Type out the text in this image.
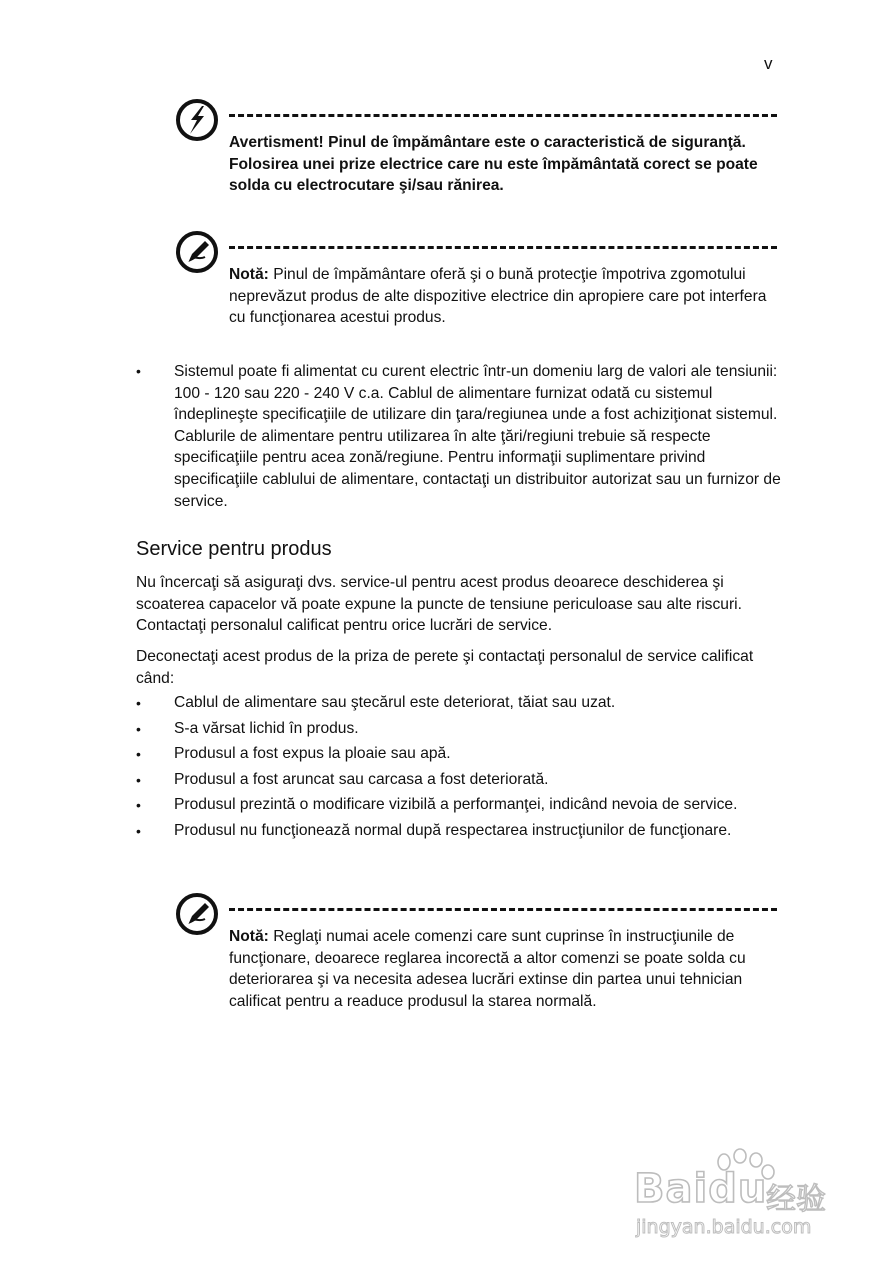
v
Avertisment! Pinul de împământare este o caracteristică de siguranţă. Folosirea unei prize electrice care nu este împământată corect se poate solda cu electrocutare şi/sau rănirea.
Notă: Pinul de împământare oferă şi o bună protecţie împotriva zgomotului neprevăzut produs de alte dispozitive electrice din apropiere care pot interfera cu funcţionarea acestui produs.
• Sistemul poate fi alimentat cu curent electric într-un domeniu larg de valori ale tensiunii: 100 - 120 sau 220 - 240 V c.a. Cablul de alimentare furnizat odată cu sistemul îndeplineşte specificaţiile de utilizare din ţara/regiunea unde a fost achiziţionat sistemul. Cablurile de alimentare pentru utilizarea în alte ţări/regiuni trebuie să respecte specificaţiile pentru acea zonă/regiune. Pentru informaţii suplimentare privind specificaţiile cablului de alimentare, contactaţi un distribuitor autorizat sau un furnizor de service.
Service pentru produs
Nu încercaţi să asiguraţi dvs. service-ul pentru acest produs deoarece deschiderea şi scoaterea capacelor vă poate expune la puncte de tensiune periculoase sau alte riscuri. Contactaţi personalul calificat pentru orice lucrări de service.
Deconectaţi acest produs de la priza de perete şi contactaţi personalul de service calificat când:
• Cablul de alimentare sau ştecărul este deteriorat, tăiat sau uzat.
• S-a vărsat lichid în produs.
• Produsul a fost expus la ploaie sau apă.
• Produsul a fost aruncat sau carcasa a fost deteriorată.
• Produsul prezintă o modificare vizibilă a performanţei, indicând nevoia de service.
• Produsul nu funcţionează normal după respectarea instrucţiunilor de funcţionare.
Notă: Reglaţi numai acele comenzi care sunt cuprinse în instrucţiunile de funcţionare, deoarece reglarea incorectă a altor comenzi se poate solda cu deteriorarea şi va necesita adesea lucrări extinse din partea unui tehnician calificat pentru a readuce produsul la starea normală.
Baidu
经验
jingyan.baidu.com
